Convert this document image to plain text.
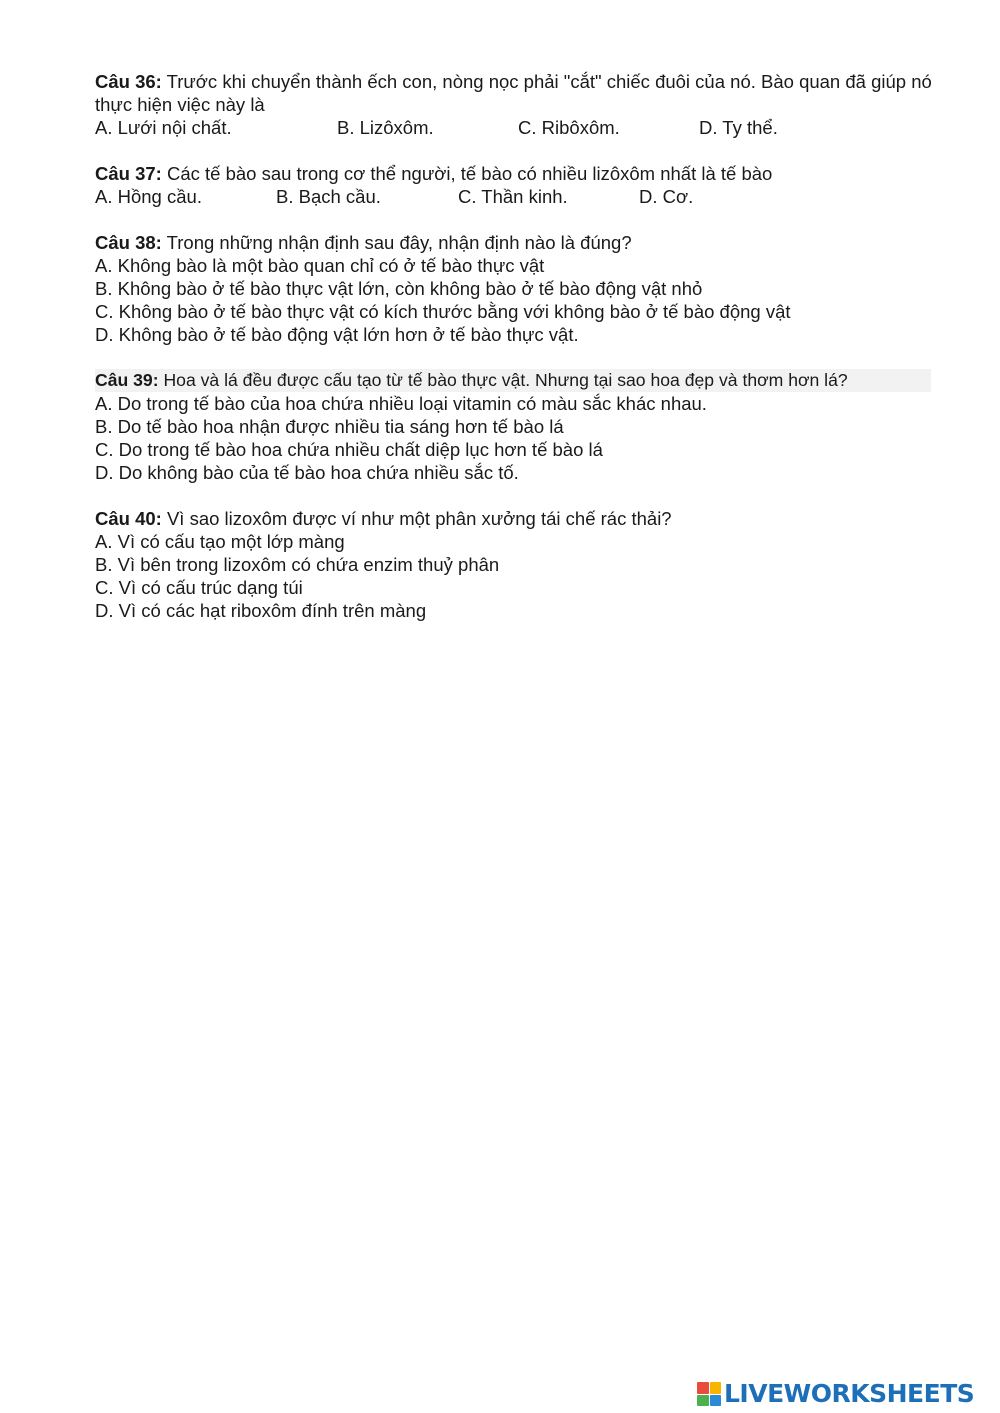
Câu 36: Trước khi chuyển thành ếch con, nòng nọc phải "cắt" chiếc đuôi của nó. Bào quan đã giúp nó thực hiện việc này là
A. Lưới nội chất.	B. Lizôxôm.	C. Ribôxôm.	D. Ty thể.
Câu 37: Các tế bào sau trong cơ thể người, tế bào có nhiều lizôxôm nhất là tế bào
A. Hồng cầu.	B. Bạch cầu.	C. Thần kinh.	D. Cơ.
Câu 38: Trong những nhận định sau đây, nhận định nào là đúng?
A. Không bào là một bào quan chỉ có ở tế bào thực vật
B. Không bào ở tế bào thực vật lớn, còn không bào ở tế bào động vật nhỏ
C. Không bào ở tế bào thực vật có kích thước bằng với không bào ở tế bào động vật
D. Không bào ở tế bào động vật lớn hơn ở tế bào thực vật.
Câu 39: Hoa và lá đều được cấu tạo từ tế bào thực vật. Nhưng tại sao hoa đẹp và thơm hơn lá?
A. Do trong tế bào của hoa chứa nhiều loại vitamin có màu sắc khác nhau.
B. Do tế bào hoa nhận được nhiều tia sáng hơn tế bào lá
C. Do trong tế bào hoa chứa nhiều chất diệp lục hơn tế bào lá
D. Do không bào của tế bào hoa chứa nhiều sắc tố.
Câu 40: Vì sao lizoxôm được ví như một phân xưởng tái chế rác thải?
A. Vì có cấu tạo một lớp màng
B. Vì bên trong lizoxôm có chứa enzim thuỷ phân
C. Vì có cấu trúc dạng túi
D. Vì có các hạt riboxôm đính trên màng
LIVEWORKSHEETS
